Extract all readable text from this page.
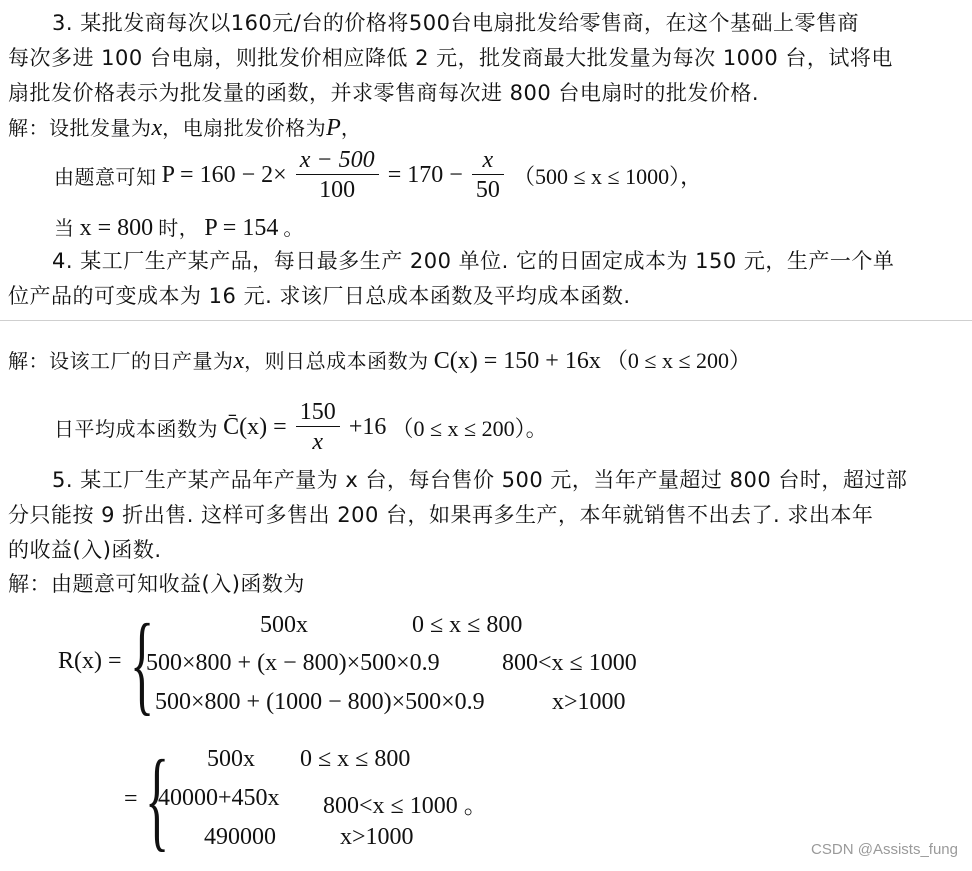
3. 某批发商每次以160元/台的价格将500台电扇批发给零售商，在这个基础上零售商
每次多进 100 台电扇，则批发价相应降低 2 元，批发商最大批发量为每次 1000 台，试将电
扇批发价格表示为批发量的函数，并求零售商每次进 800 台电扇时的批发价格.
解：设批发量为x，电扇批发价格为P，
由题意可知 $P = 160 - 2\times \frac{x - 500}{100} = 170 - \frac{x}{50} (500 \le x \le 1000)$，
当 x = 800 时， P = 154 。
4. 某工厂生产某产品，每日最多生产 200 单位. 它的日固定成本为 150 元，生产一个单
位产品的可变成本为 16 元. 求该厂日总成本函数及平均成本函数.
解：设该工厂的日产量为x，则日总成本函数为 C(x) = 150 + 16x （0 ≤ x ≤ 200）
日平均成本函数为 C̄(x) = $\frac{150}{x} +16$ （0 ≤ x ≤ 200）。
5. 某工厂生产某产品年产量为 x 台，每台售价 500 元，当年产量超过 800 台时，超过部
分只能按 9 折出售. 这样可多售出 200 台，如果再多生产，本年就销售不出去了. 求出本年
的收益(入)函数.
解：由题意可知收益(入)函数为
R(x) = {	500x	0 ≤ x ≤ 800
500×800 + (x − 800)×500×0.9	800<x ≤ 1000
500×800 + (1000 − 800)×500×0.9	x>1000
= { 500x 0 ≤ x ≤ 800
40000+450x 800<x ≤ 1000 。
490000	x>1000	CSDN @Assists_fung
